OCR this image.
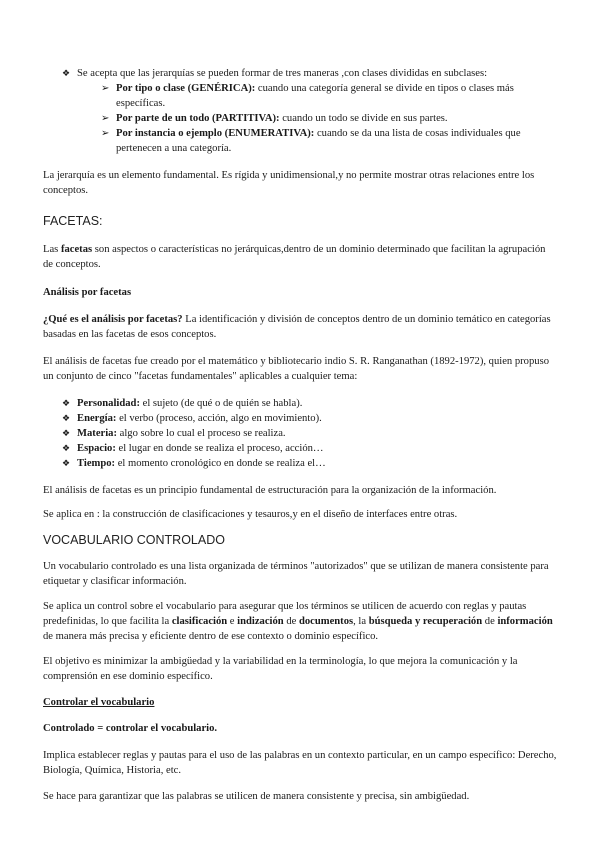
❖ Se acepta que las jerarquías se pueden formar de tres maneras ,con clases divididas en subclases:
➢ Por tipo o clase (GENÉRICA): cuando una categoría general se divide en tipos o clases más específicas.
➢ Por parte de un todo (PARTITIVA): cuando un todo se divide en sus partes.
➢ Por instancia o ejemplo (ENUMERATIVA): cuando se da una lista de cosas individuales que pertenecen a una categoría.

La jerarquía es un elemento fundamental. Es rígida y unidimensional,y no permite mostrar otras relaciones entre los conceptos.

FACETAS:

Las facetas son aspectos o características no jerárquicas,dentro de un dominio determinado que facilitan la agrupación de conceptos.

Análisis por facetas

¿Qué es el análisis por facetas? La identificación y división de conceptos dentro de un dominio temático en categorías basadas en las facetas de esos conceptos.

El análisis de facetas fue creado por el matemático y bibliotecario indio S. R. Ranganathan (1892-1972), quien propuso un conjunto de cinco "facetas fundamentales" aplicables a cualquier tema:

❖ Personalidad: el sujeto (de qué o de quién se habla).
❖ Energía: el verbo (proceso, acción, algo en movimiento).
❖ Materia: algo sobre lo cual el proceso se realiza.
❖ Espacio: el lugar en donde se realiza el proceso, acción…
❖ Tiempo: el momento cronológico en donde se realiza el…

El análisis de facetas es un principio fundamental de estructuración para la organización de la información.

Se aplica en : la construcción de clasificaciones y tesauros,y en el diseño de interfaces entre otras.

VOCABULARIO CONTROLADO

Un vocabulario controlado es una lista organizada de términos "autorizados" que se utilizan de manera consistente para etiquetar y clasificar información.

Se aplica un control sobre el vocabulario para asegurar que los términos se utilicen de acuerdo con reglas y pautas predefinidas, lo que facilita la clasificación e indización de documentos, la búsqueda y recuperación de información de manera más precisa y eficiente dentro de ese contexto o dominio específico.

El objetivo es minimizar la ambigüedad y la variabilidad en la terminología, lo que mejora la comunicación y la comprensión en ese dominio específico.

Controlar el vocabulario

Controlado = controlar el vocabulario.

Implica establecer reglas y pautas para el uso de las palabras en un contexto particular, en un campo específico: Derecho, Biología, Química, Historia, etc.

Se hace para garantizar que las palabras se utilicen de manera consistente y precisa, sin ambigüedad.
